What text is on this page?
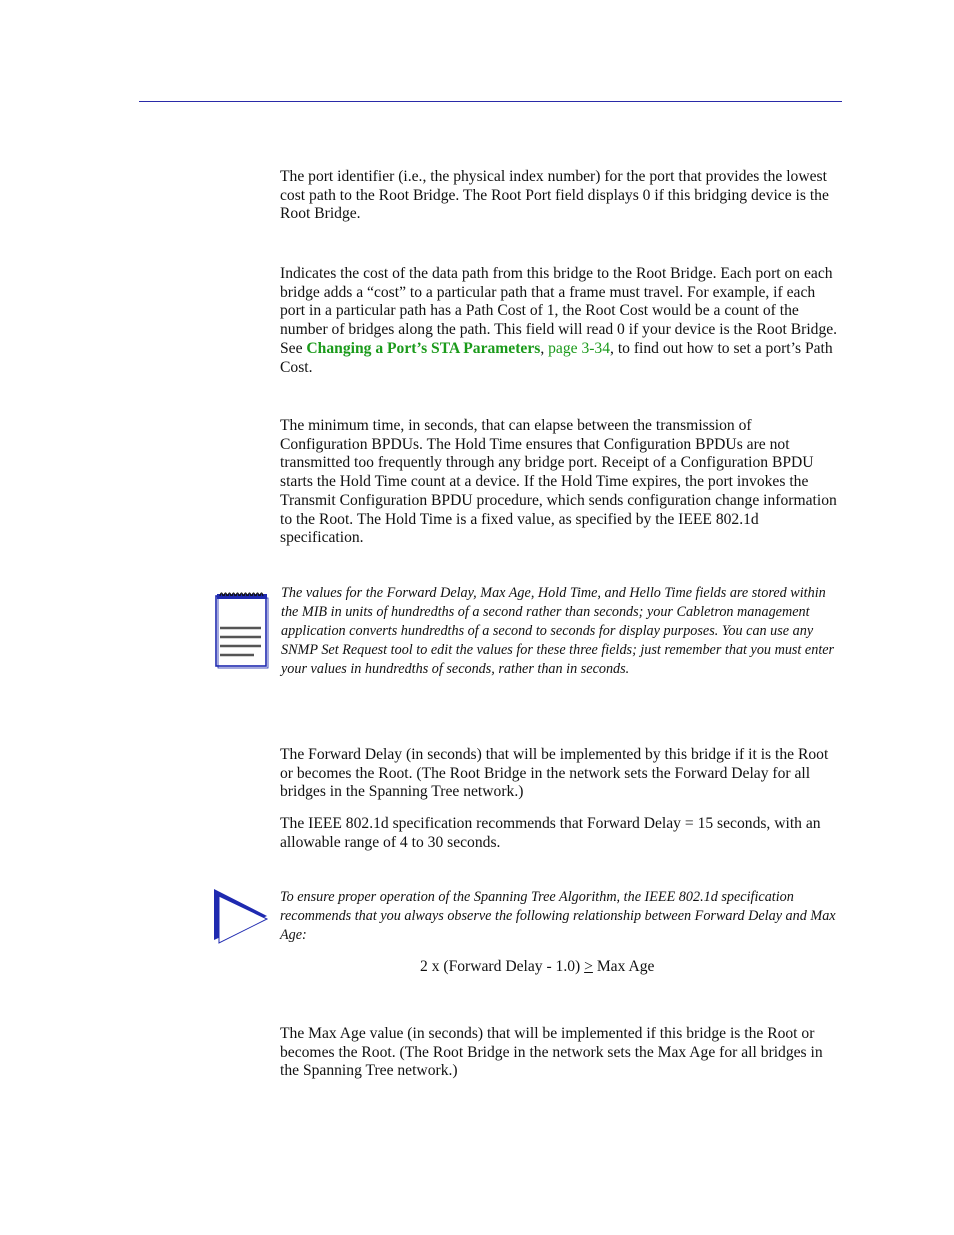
The port identifier (i.e., the physical index number) for the port that provides the lowest cost path to the Root Bridge. The Root Port field displays 0 if this bridging device is the Root Bridge.

Indicates the cost of the data path from this bridge to the Root Bridge. Each port on each bridge adds a “cost” to a particular path that a frame must travel. For example, if each port in a particular path has a Path Cost of 1, the Root Cost would be a count of the number of bridges along the path. This field will read 0 if your device is the Root Bridge. See Changing a Port’s STA Parameters, page 3-34, to find out how to set a port’s Path Cost.

The minimum time, in seconds, that can elapse between the transmission of Configuration BPDUs. The Hold Time ensures that Configuration BPDUs are not transmitted too frequently through any bridge port. Receipt of a Configuration BPDU starts the Hold Time count at a device. If the Hold Time expires, the port invokes the Transmit Configuration BPDU procedure, which sends configuration change information to the Root. The Hold Time is a fixed value, as specified by the IEEE 802.1d specification.

The values for the Forward Delay, Max Age, Hold Time, and Hello Time fields are stored within the MIB in units of hundredths of a second rather than seconds; your Cabletron management application converts hundredths of a second to seconds for display purposes. You can use any SNMP Set Request tool to edit the values for these three fields; just remember that you must enter your values in hundredths of seconds, rather than in seconds.

The Forward Delay (in seconds) that will be implemented by this bridge if it is the Root or becomes the Root. (The Root Bridge in the network sets the Forward Delay for all bridges in the Spanning Tree network.)

The IEEE 802.1d specification recommends that Forward Delay = 15 seconds, with an allowable range of 4 to 30 seconds.

To ensure proper operation of the Spanning Tree Algorithm, the IEEE 802.1d specification recommends that you always observe the following relationship between Forward Delay and Max Age:

2 x (Forward Delay - 1.0) > Max Age

The Max Age value (in seconds) that will be implemented if this bridge is the Root or becomes the Root. (The Root Bridge in the network sets the Max Age for all bridges in the Spanning Tree network.)
